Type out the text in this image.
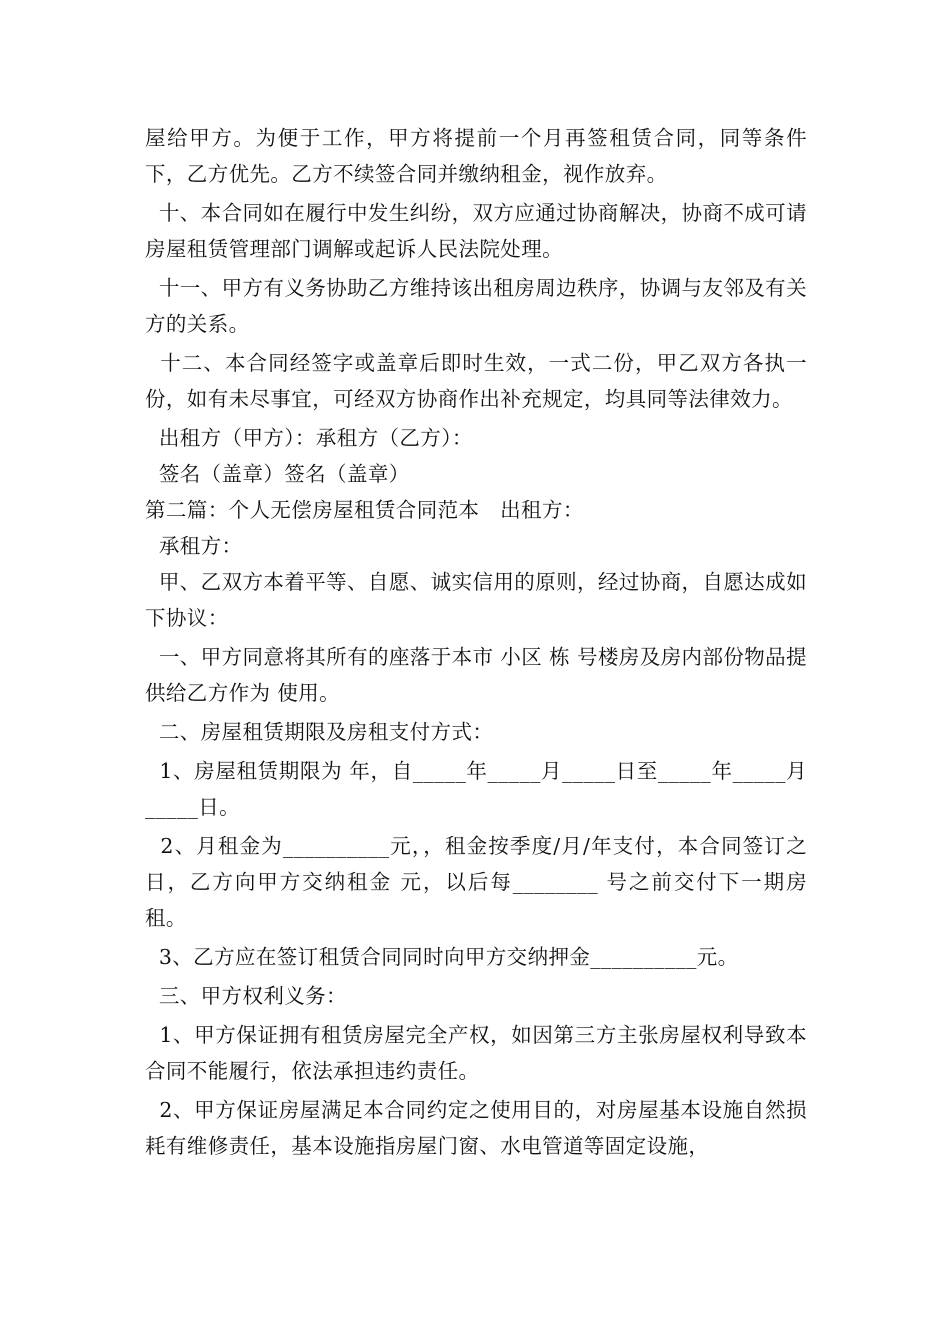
屋给甲方。为便于工作，甲方将提前一个月再签租赁合同，同等条件下，乙方优先。乙方不续签合同并缴纳租金，视作放弃。

十、本合同如在履行中发生纠纷，双方应通过协商解决，协商不成可请房屋租赁管理部门调解或起诉人民法院处理。

十一、甲方有义务协助乙方维持该出租房周边秩序，协调与友邻及有关方的关系。

十二、本合同经签字或盖章后即时生效，一式二份，甲乙双方各执一份，如有未尽事宜，可经双方协商作出补充规定，均具同等法律效力。

出租方（甲方）：承租方（乙方）：

签名（盖章）签名（盖章）

第二篇：个人无偿房屋租赁合同范本   出租方：

承租方：

甲、乙双方本着平等、自愿、诚实信用的原则，经过协商，自愿达成如下协议：

一、甲方同意将其所有的座落于本市 小区 栋 号楼房及房内部份物品提供给乙方作为 使用。

二、房屋租赁期限及房租支付方式：

1、房屋租赁期限为 年，自_____年_____月_____日至_____年_____月_____日。

2、月租金为__________元，，租金按季度/月/年支付，本合同签订之日，乙方向甲方交纳租金 元，以后每________ 号之前交付下一期房租。

3、乙方应在签订租赁合同同时向甲方交纳押金__________元。

三、甲方权利义务：

1、甲方保证拥有租赁房屋完全产权，如因第三方主张房屋权利导致本合同不能履行，依法承担违约责任。

2、甲方保证房屋满足本合同约定之使用目的，对房屋基本设施自然损耗有维修责任，基本设施指房屋门窗、水电管道等固定设施，
